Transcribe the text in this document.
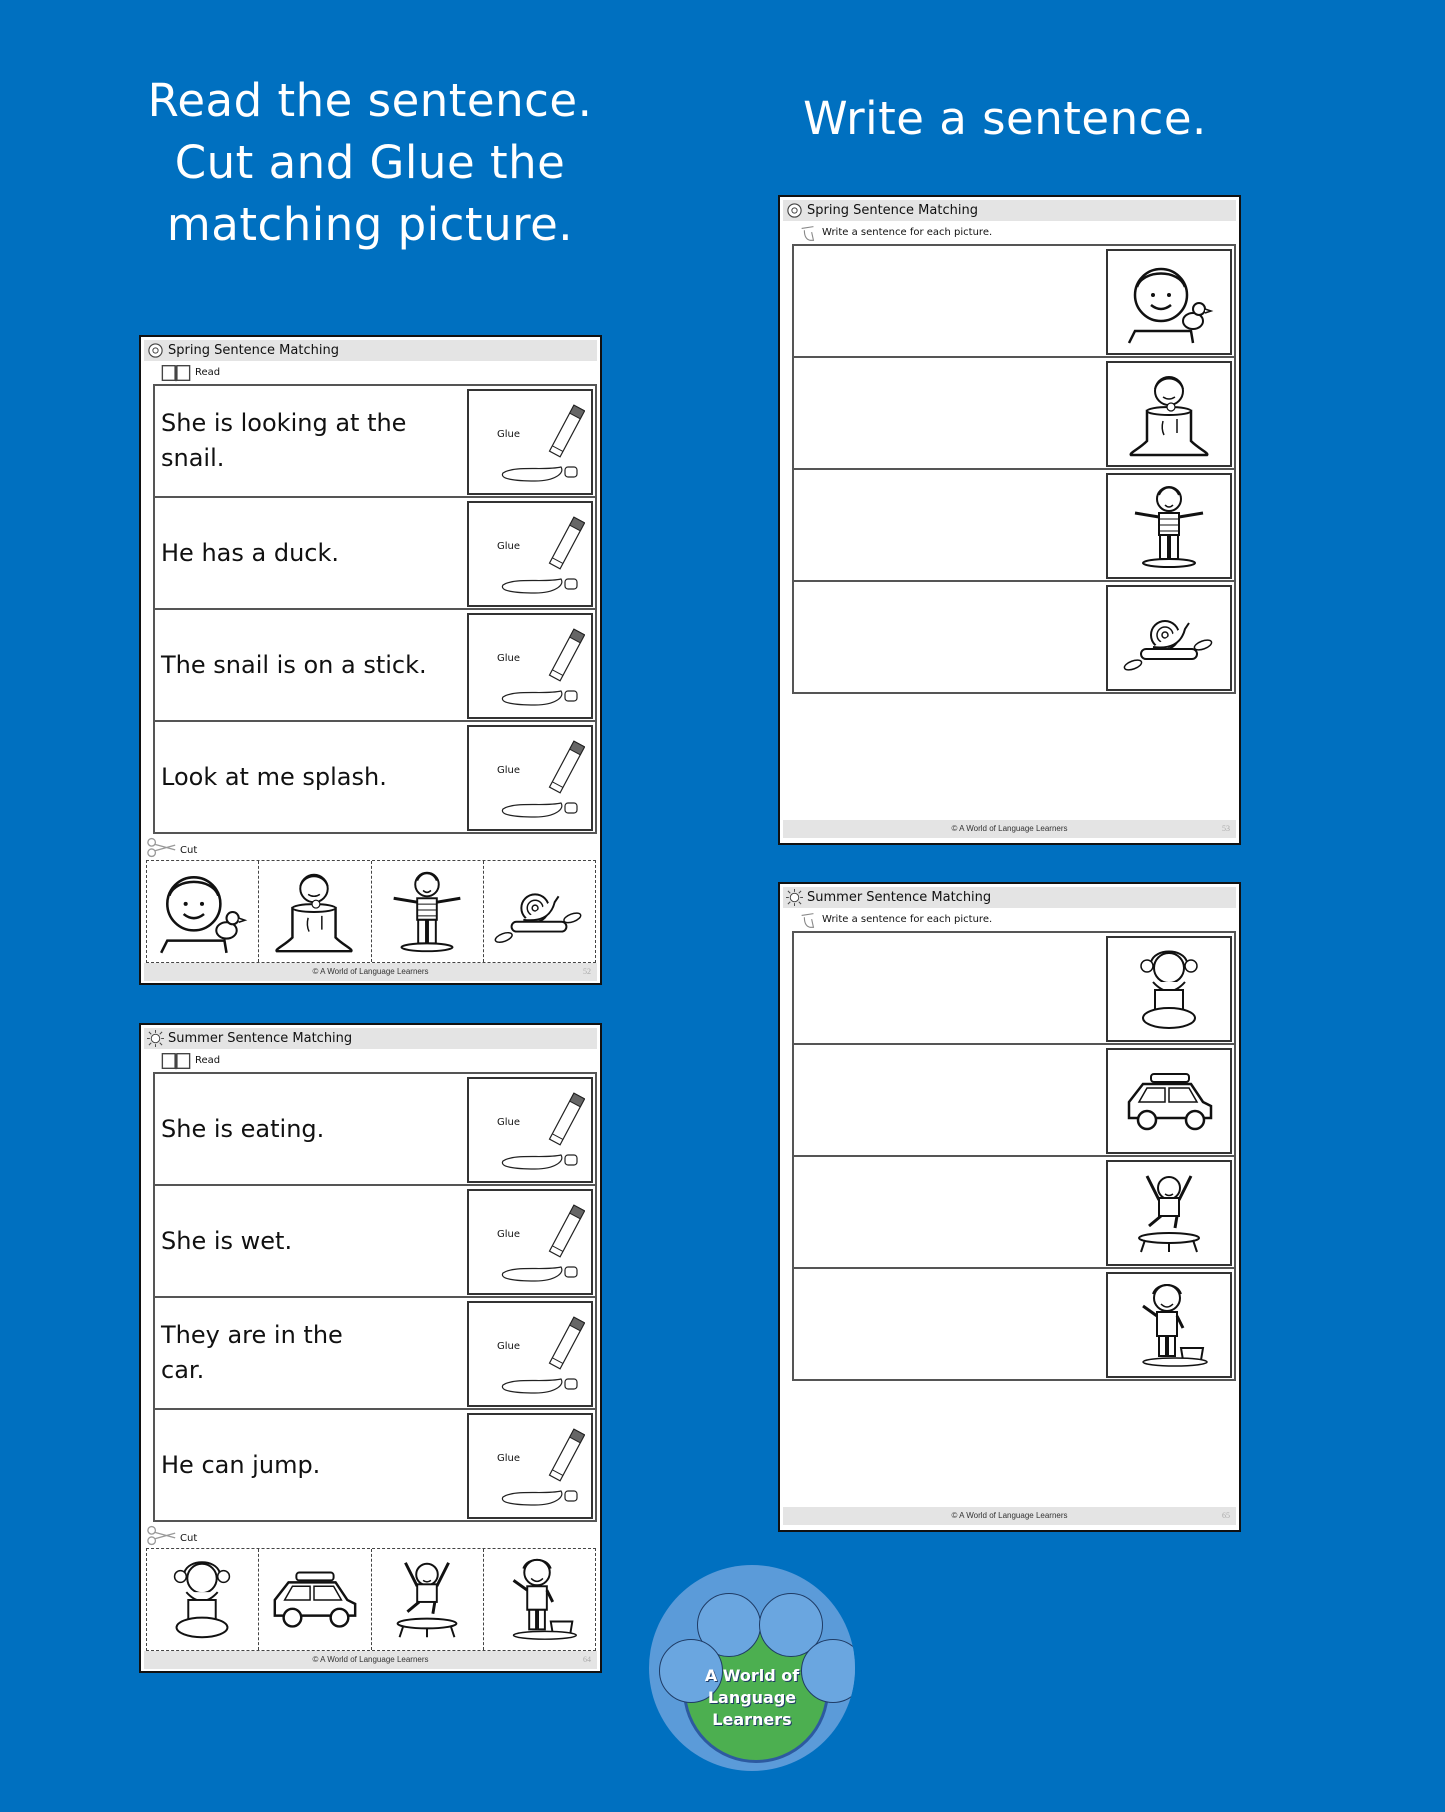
Read the sentence.
Cut and Glue the
matching picture.
Write a sentence.
Spring Sentence Matching
Read
She is looking at the snail.
Glue
He has a duck.	Glue
The snail is on a stick.	Glue
Look at me splash.	Glue
Cut
© A World of Language Learners	52
Summer Sentence Matching
Read
She is eating.	Glue
She is wet.	Glue
They are in the car.
Glue
He can jump.	Glue
Cut
© A World of Language Learners	64
Spring Sentence Matching
Write a sentence for each picture.
© A World of Language Learners	53
Summer Sentence Matching
Write a sentence for each picture.
© A World of Language Learners	65
A World of
Language
Learners
